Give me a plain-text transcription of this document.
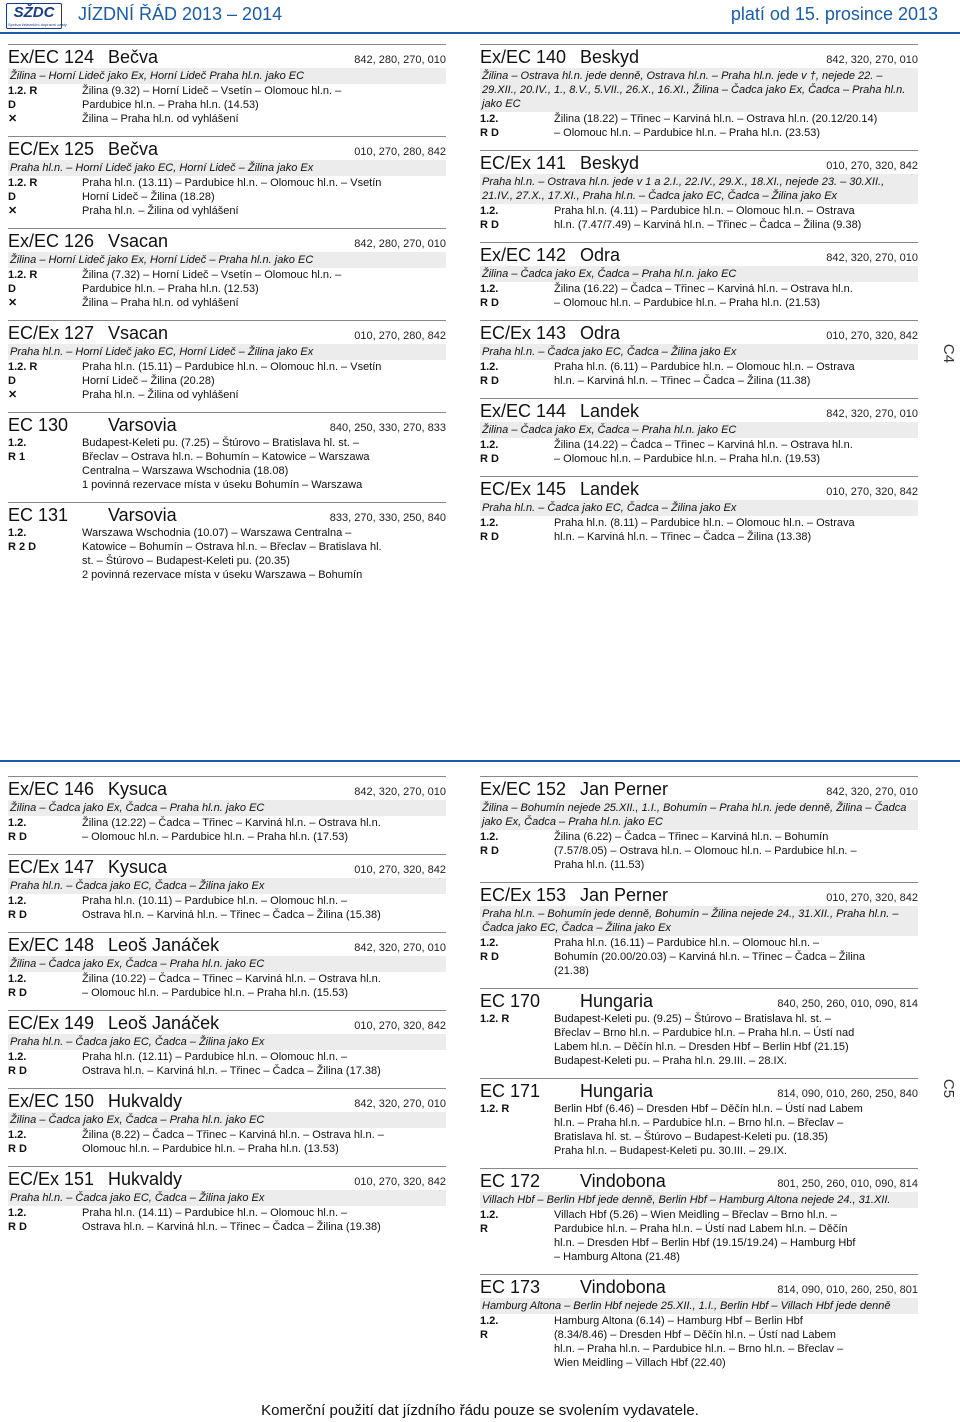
SŽDC
Správa železniční dopravní cesty
JÍZDNÍ ŘÁD 2013 – 2014	platí od 15. prosince 2013
Ex/EC 124 Bečva	842, 280, 270, 010
Žilina – Horní Lideč jako Ex, Horní Lideč Praha hl.n. jako EC
1.2. R	Žilina (9.32) – Horní Lideč – Vsetín – Olomouc hl.n. –
D	Pardubice hl.n. – Praha hl.n. (14.53)
✕	Žilina – Praha hl.n. od vyhlášení
EC/Ex 125 Bečva	010, 270, 280, 842
Praha hl.n. – Horní Lideč jako EC, Horní Lideč – Žilina jako Ex
1.2. R	Praha hl.n. (13.11) – Pardubice hl.n. – Olomouc hl.n. – Vsetín
D	Horní Lideč – Žilina (18.28)
✕	Praha hl.n. – Žilina od vyhlášení
Ex/EC 126 Vsacan	842, 280, 270, 010
Žilina – Horní Lideč jako Ex, Horní Lideč – Praha hl.n. jako EC
1.2. R	Žilina (7.32) – Horní Lideč – Vsetín – Olomouc hl.n. –
D	Pardubice hl.n. – Praha hl.n. (12.53)
✕	Žilina – Praha hl.n. od vyhlášení
EC/Ex 127 Vsacan	010, 270, 280, 842
Praha hl.n. – Horní Lideč jako EC, Horní Lideč – Žilina jako Ex
1.2. R	Praha hl.n. (15.11) – Pardubice hl.n. – Olomouc hl.n. – Vsetín
D	Horní Lideč – Žilina (20.28)
✕	Praha hl.n. – Žilina od vyhlášení
EC 130	Varsovia	840, 250, 330, 270, 833
1.2.	Budapest-Keleti pu. (7.25) – Štúrovo – Bratislava hl. st. –
R 1	Břeclav – Ostrava hl.n. – Bohumín – Katowice – Warszawa
Centralna – Warszawa Wschodnia (18.08)
1 povinná rezervace místa v úseku Bohumín – Warszawa
EC 131	Varsovia	833, 270, 330, 250, 840
1.2.	Warszawa Wschodnia (10.07) – Warszawa Centralna –
R 2 D	Katowice – Bohumín – Ostrava hl.n. – Břeclav – Bratislava hl.
st. – Štúrovo – Budapest-Keleti pu. (20.35)
2 povinná rezervace místa v úseku Warszawa – Bohumín
Ex/EC 140 Beskyd	842, 320, 270, 010
Žilina – Ostrava hl.n. jede denně, Ostrava hl.n. – Praha hl.n. jede v †, nejede 22. – 29.XII., 20.IV., 1., 8.V., 5.VII., 26.X., 16.XI., Žilina – Čadca jako Ex, Čadca – Praha hl.n. jako EC
1.2.	Žilina (18.22) – Třinec – Karviná hl.n. – Ostrava hl.n. (20.12/20.14)
R D	– Olomouc hl.n. – Pardubice hl.n. – Praha hl.n. (23.53)
EC/Ex 141 Beskyd	010, 270, 320, 842
Praha hl.n. – Ostrava hl.n. jede v 1 a 2.I., 22.IV., 29.X., 18.XI., nejede 23. – 30.XII., 21.IV., 27.X., 17.XI., Praha hl.n. – Čadca jako EC, Čadca – Žilina jako Ex
1.2.	Praha hl.n. (4.11) – Pardubice hl.n. – Olomouc hl.n. – Ostrava
R D	hl.n. (7.47/7.49) – Karviná hl.n. – Třinec – Čadca – Žilina (9.38)
Ex/EC 142 Odra	842, 320, 270, 010
Žilina – Čadca jako Ex, Čadca – Praha hl.n. jako EC
1.2.	Žilina (16.22) – Čadca – Třinec – Karviná hl.n. – Ostrava hl.n.
R D	– Olomouc hl.n. – Pardubice hl.n. – Praha hl.n. (21.53)
EC/Ex 143 Odra	010, 270, 320, 842
Praha hl.n. – Čadca jako EC, Čadca – Žilina jako Ex
1.2.	Praha hl.n. (6.11) – Pardubice hl.n. – Olomouc hl.n. – Ostrava
R D	hl.n. – Karviná hl.n. – Třinec – Čadca – Žilina (11.38)
Ex/EC 144 Landek	842, 320, 270, 010
Žilina – Čadca jako Ex, Čadca – Praha hl.n. jako EC
1.2.	Žilina (14.22) – Čadca – Třinec – Karviná hl.n. – Ostrava hl.n.
R D	– Olomouc hl.n. – Pardubice hl.n. – Praha hl.n. (19.53)
EC/Ex 145 Landek	010, 270, 320, 842
Praha hl.n. – Čadca jako EC, Čadca – Žilina jako Ex
1.2.	Praha hl.n. (8.11) – Pardubice hl.n. – Olomouc hl.n. – Ostrava
R D	hl.n. – Karviná hl.n. – Třinec – Čadca – Žilina (13.38)
Ex/EC 146 Kysuca	842, 320, 270, 010
Žilina – Čadca jako Ex, Čadca – Praha hl.n. jako EC
1.2.	Žilina (12.22) – Čadca – Třinec – Karviná hl.n. – Ostrava hl.n.
R D	– Olomouc hl.n. – Pardubice hl.n. – Praha hl.n. (17.53)
EC/Ex 147 Kysuca	010, 270, 320, 842
Praha hl.n. – Čadca jako EC, Čadca – Žilina jako Ex
1.2.	Praha hl.n. (10.11) – Pardubice hl.n. – Olomouc hl.n. –
R D	Ostrava hl.n. – Karviná hl.n. – Třinec – Čadca – Žilina (15.38)
Ex/EC 148 Leoš Janáček	842, 320, 270, 010
Žilina – Čadca jako Ex, Čadca – Praha hl.n. jako EC
1.2.	Žilina (10.22) – Čadca – Třinec – Karviná hl.n. – Ostrava hl.n.
R D	– Olomouc hl.n. – Pardubice hl.n. – Praha hl.n. (15.53)
EC/Ex 149 Leoš Janáček	010, 270, 320, 842
Praha hl.n. – Čadca jako EC, Čadca – Žilina jako Ex
1.2.	Praha hl.n. (12.11) – Pardubice hl.n. – Olomouc hl.n. –
R D	Ostrava hl.n. – Karviná hl.n. – Třinec – Čadca – Žilina (17.38)
Ex/EC 150 Hukvaldy	842, 320, 270, 010
Žilina – Čadca jako Ex, Čadca – Praha hl.n. jako EC
1.2.	Žilina (8.22) – Čadca – Třinec – Karviná hl.n. – Ostrava hl.n. –
R D	Olomouc hl.n. – Pardubice hl.n. – Praha hl.n. (13.53)
EC/Ex 151 Hukvaldy	010, 270, 320, 842
Praha hl.n. – Čadca jako EC, Čadca – Žilina jako Ex
1.2.	Praha hl.n. (14.11) – Pardubice hl.n. – Olomouc hl.n. –
R D	Ostrava hl.n. – Karviná hl.n. – Třinec – Čadca – Žilina (19.38)
Ex/EC 152 Jan Perner	842, 320, 270, 010
Žilina – Bohumín nejede 25.XII., 1.I., Bohumín – Praha hl.n. jede denně, Žilina – Čadca jako Ex, Čadca – Praha hl.n. jako EC
1.2.	Žilina (6.22) – Čadca – Třinec – Karviná hl.n. – Bohumín
R D	(7.57/8.05) – Ostrava hl.n. – Olomouc hl.n. – Pardubice hl.n. –
Praha hl.n. (11.53)
EC/Ex 153 Jan Perner	010, 270, 320, 842
Praha hl.n. – Bohumín jede denně, Bohumín – Žilina nejede 24., 31.XII., Praha hl.n. – Čadca jako EC, Čadca – Žilina jako Ex
1.2.	Praha hl.n. (16.11) – Pardubice hl.n. – Olomouc hl.n. –
R D	Bohumín (20.00/20.03) – Karviná hl.n. – Třinec – Čadca – Žilina
(21.38)
EC 170	Hungaria	840, 250, 260, 010, 090, 814
1.2. R	Budapest-Keleti pu. (9.25) – Štúrovo – Bratislava hl. st. –
Břeclav – Brno hl.n. – Pardubice hl.n. – Praha hl.n. – Ústí nad
Labem hl.n. – Děčín hl.n. – Dresden Hbf – Berlin Hbf (21.15)
Budapest-Keleti pu. – Praha hl.n. 29.III. – 28.IX.
EC 171	Hungaria	814, 090, 010, 260, 250, 840
1.2. R	Berlin Hbf (6.46) – Dresden Hbf – Děčín hl.n. – Ústí nad Labem
hl.n. – Praha hl.n. – Pardubice hl.n. – Brno hl.n. – Břeclav –
Bratislava hl. st. – Štúrovo – Budapest-Keleti pu. (18.35)
Praha hl.n. – Budapest-Keleti pu. 30.III. – 29.IX.
EC 172	Vindobona	801, 250, 260, 010, 090, 814
Villach Hbf – Berlin Hbf jede denně, Berlin Hbf – Hamburg Altona nejede 24., 31.XII.
1.2.	Villach Hbf (5.26) – Wien Meidling – Břeclav – Brno hl.n. –
R	Pardubice hl.n. – Praha hl.n. – Ústí nad Labem hl.n. – Děčín
hl.n. – Dresden Hbf – Berlin Hbf (19.15/19.24) – Hamburg Hbf
– Hamburg Altona (21.48)
EC 173	Vindobona	814, 090, 010, 260, 250, 801
Hamburg Altona – Berlin Hbf nejede 25.XII., 1.I., Berlin Hbf – Villach Hbf jede denně
1.2.	Hamburg Altona (6.14) – Hamburg Hbf – Berlin Hbf
R	(8.34/8.46) – Dresden Hbf – Děčín hl.n. – Ústí nad Labem
hl.n. – Praha hl.n. – Pardubice hl.n. – Brno hl.n. – Břeclav –
Wien Meidling – Villach Hbf (22.40)
C4
C5
Komerční použití dat jízdního řádu pouze se svolením vydavatele.
